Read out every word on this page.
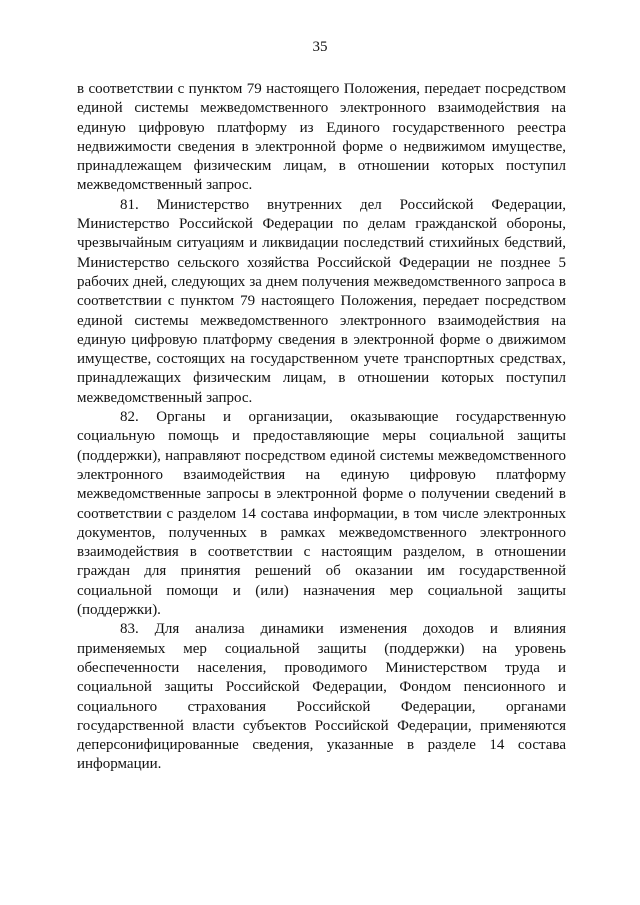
35

в соответствии с пунктом 79 настоящего Положения, передает посредством единой системы межведомственного электронного взаимодействия на единую цифровую платформу из Единого государственного реестра недвижимости сведения в электронной форме о недвижимом имуществе, принадлежащем физическим лицам, в отношении которых поступил межведомственный запрос.

81. Министерство внутренних дел Российской Федерации, Министерство Российской Федерации по делам гражданской обороны, чрезвычайным ситуациям и ликвидации последствий стихийных бедствий, Министерство сельского хозяйства Российской Федерации не позднее 5 рабочих дней, следующих за днем получения межведомственного запроса в соответствии с пунктом 79 настоящего Положения, передает посредством единой системы межведомственного электронного взаимодействия на единую цифровую платформу сведения в электронной форме о движимом имуществе, состоящих на государственном учете транспортных средствах, принадлежащих физическим лицам, в отношении которых поступил межведомственный запрос.

82. Органы и организации, оказывающие государственную социальную помощь и предоставляющие меры социальной защиты (поддержки), направляют посредством единой системы межведомственного электронного взаимодействия на единую цифровую платформу межведомственные запросы в электронной форме о получении сведений в соответствии с разделом 14 состава информации, в том числе электронных документов, полученных в рамках межведомственного электронного взаимодействия в соответствии с настоящим разделом, в отношении граждан для принятия решений об оказании им государственной социальной помощи и (или) назначения мер социальной защиты (поддержки).

83. Для анализа динамики изменения доходов и влияния применяемых мер социальной защиты (поддержки) на уровень обеспеченности населения, проводимого Министерством труда и социальной защиты Российской Федерации, Фондом пенсионного и социального страхования Российской Федерации, органами государственной власти субъектов Российской Федерации, применяются деперсонифицированные сведения, указанные в разделе 14 состава информации.
